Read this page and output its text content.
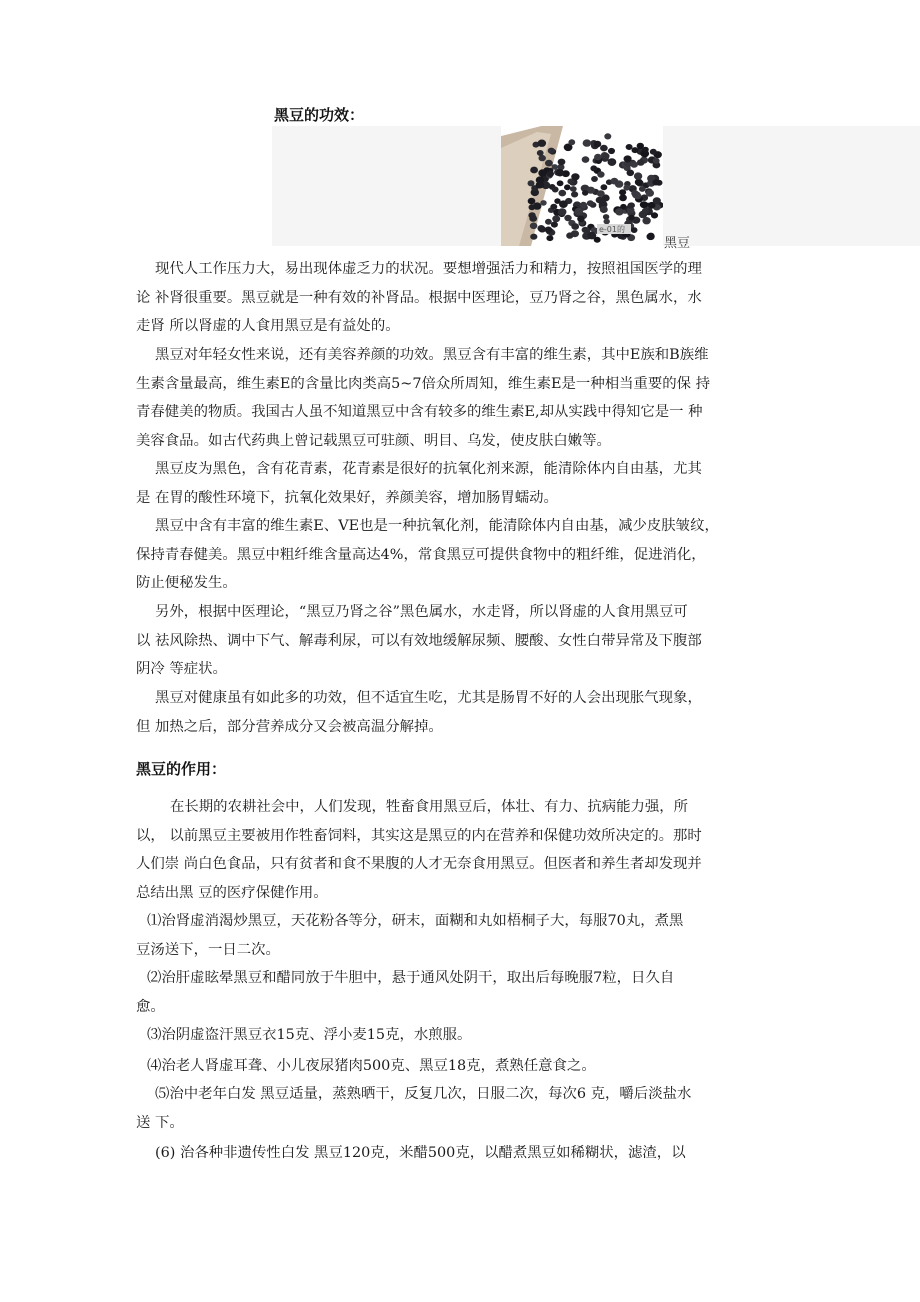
黑豆的功效：
e-01的
黑豆
现代人工作压力大，易出现体虚乏力的状况。要想增强活力和精力，按照祖国医学的理
论 补肾很重要。黑豆就是一种有效的补肾品。根据中医理论，豆乃肾之谷，黑色属水，水
走肾 所以肾虚的人食用黑豆是有益处的。
黑豆对年轻女性来说，还有美容养颜的功效。黑豆含有丰富的维生素，其中E族和B族维
生素含量最高，维生素E的含量比肉类高5~7倍众所周知，维生素E是一种相当重要的保 持
青春健美的物质。我国古人虽不知道黑豆中含有较多的维生素E,却从实践中得知它是一 种
美容食品。如古代药典上曾记载黑豆可驻颜、明目、乌发，使皮肤白嫩等。
黑豆皮为黑色，含有花青素，花青素是很好的抗氧化剂来源，能清除体内自由基，尤其
是 在胃的酸性环境下，抗氧化效果好，养颜美容，增加肠胃蠕动。
黑豆中含有丰富的维生素E、VE也是一种抗氧化剂，能清除体内自由基，减少皮肤皱纹，
保持青春健美。黑豆中粗纤维含量高达4%，常食黑豆可提供食物中的粗纤维，促进消化，
防止便秘发生。
另外，根据中医理论，“黑豆乃肾之谷”黑色属水，水走肾，所以肾虚的人食用黑豆可
以 祛风除热、调中下气、解毒利尿，可以有效地缓解尿频、腰酸、女性白带异常及下腹部
阴冷 等症状。
黑豆对健康虽有如此多的功效，但不适宜生吃，尤其是肠胃不好的人会出现胀气现象，
但 加热之后，部分营养成分又会被高温分解掉。
黑豆的作用：
在长期的农耕社会中，人们发现，牲畜食用黑豆后，体壮、有力、抗病能力强，所
以， 以前黑豆主要被用作牲畜饲料，其实这是黑豆的内在营养和保健功效所决定的。那时
人们崇 尚白色食品，只有贫者和食不果腹的人才无奈食用黑豆。但医者和养生者却发现并
总结出黑 豆的医疗保健作用。
⑴治肾虚消渴炒黑豆，天花粉各等分，研末，面糊和丸如梧桐子大，每服70丸，煮黑
豆汤送下，一日二次。
⑵治肝虚眩晕黑豆和醋同放于牛胆中，悬于通风处阴干，取出后每晚服7粒，日久自
愈。
⑶治阴虚盗汗黑豆衣15克、浮小麦15克，水煎服。
⑷治老人肾虚耳聋、小儿夜尿猪肉500克、黑豆18克，煮熟任意食之。
⑸治中老年白发 黑豆适量，蒸熟晒干，反复几次，日服二次，每次6 克，嚼后淡盐水
送 下。
(6) 治各种非遗传性白发 黑豆120克，米醋500克，以醋煮黑豆如稀糊状，滤渣，以
